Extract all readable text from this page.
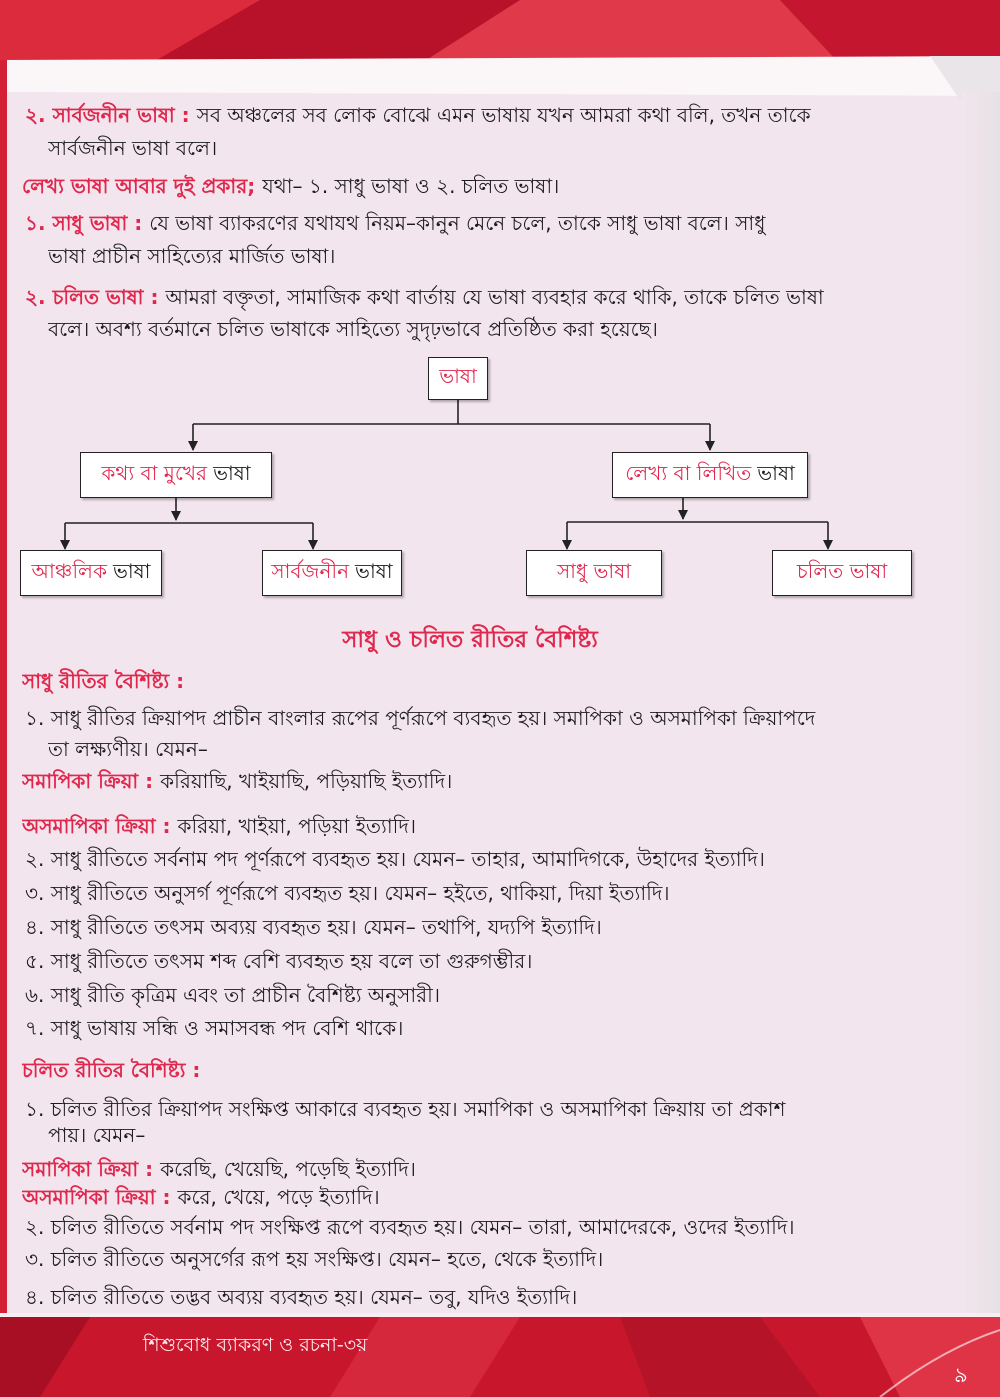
২. সার্বজনীন ভাষা : সব অঞ্চলের সব লোক বোঝে এমন ভাষায় যখন আমরা কথা বলি, তখন তাকে
সার্বজনীন ভাষা বলে।
লেখ্য ভাষা আবার দুই প্রকার; যথা– ১. সাধু ভাষা ও ২. চলিত ভাষা।
১. সাধু ভাষা : যে ভাষা ব্যাকরণের যথাযথ নিয়ম–কানুন মেনে চলে, তাকে সাধু ভাষা বলে। সাধু
ভাষা প্রাচীন সাহিত্যের মার্জিত ভাষা।
২. চলিত ভাষা : আমরা বক্তৃতা, সামাজিক কথা বার্তায় যে ভাষা ব্যবহার করে থাকি, তাকে চলিত ভাষা
বলে। অবশ্য বর্তমানে চলিত ভাষাকে সাহিত্যে সুদৃঢ়ভাবে প্রতিষ্ঠিত করা হয়েছে।
ভাষা
কথ্য বা মুখের ভাষা	লেখ্য বা লিখিত ভাষা
আঞ্চলিক ভাষা	সার্বজনীন ভাষা	সাধু ভাষা	চলিত ভাষা
সাধু ও চলিত রীতির বৈশিষ্ট্য
সাধু রীতির বৈশিষ্ট্য :
১. সাধু রীতির ক্রিয়াপদ প্রাচীন বাংলার রূপের পূর্ণরূপে ব্যবহৃত হয়। সমাপিকা ও অসমাপিকা ক্রিয়াপদে
তা লক্ষ্যণীয়। যেমন–
সমাপিকা ক্রিয়া : করিয়াছি, খাইয়াছি, পড়িয়াছি ইত্যাদি।
অসমাপিকা ক্রিয়া : করিয়া, খাইয়া, পড়িয়া ইত্যাদি।
২. সাধু রীতিতে সর্বনাম পদ পূর্ণরূপে ব্যবহৃত হয়। যেমন– তাহার, আমাদিগকে, উহাদের ইত্যাদি।
৩. সাধু রীতিতে অনুসর্গ পূর্ণরূপে ব্যবহৃত হয়। যেমন– হইতে, থাকিয়া, দিয়া ইত্যাদি।
৪. সাধু রীতিতে তৎসম অব্যয় ব্যবহৃত হয়। যেমন– তথাপি, যদ্যপি ইত্যাদি।
৫. সাধু রীতিতে তৎসম শব্দ বেশি ব্যবহৃত হয় বলে তা গুরুগম্ভীর।
৬. সাধু রীতি কৃত্রিম এবং তা প্রাচীন বৈশিষ্ট্য অনুসারী।
৭. সাধু ভাষায় সন্ধি ও সমাসবন্ধ পদ বেশি থাকে।
চলিত রীতির বৈশিষ্ট্য :
১. চলিত রীতির ক্রিয়াপদ সংক্ষিপ্ত আকারে ব্যবহৃত হয়। সমাপিকা ও অসমাপিকা ক্রিয়ায় তা প্রকাশ
পায়। যেমন–
সমাপিকা ক্রিয়া : করেছি, খেয়েছি, পড়েছি ইত্যাদি।
অসমাপিকা ক্রিয়া : করে, খেয়ে, পড়ে ইত্যাদি।
২. চলিত রীতিতে সর্বনাম পদ সংক্ষিপ্ত রূপে ব্যবহৃত হয়। যেমন– তারা, আমাদেরকে, ওদের ইত্যাদি।
৩. চলিত রীতিতে অনুসর্গের রূপ হয় সংক্ষিপ্ত। যেমন– হতে, থেকে ইত্যাদি।
৪. চলিত রীতিতে তদ্ভব অব্যয় ব্যবহৃত হয়। যেমন– তবু, যদিও ইত্যাদি।
শিশুবোধ ব্যাকরণ ও রচনা-৩য়
৯
